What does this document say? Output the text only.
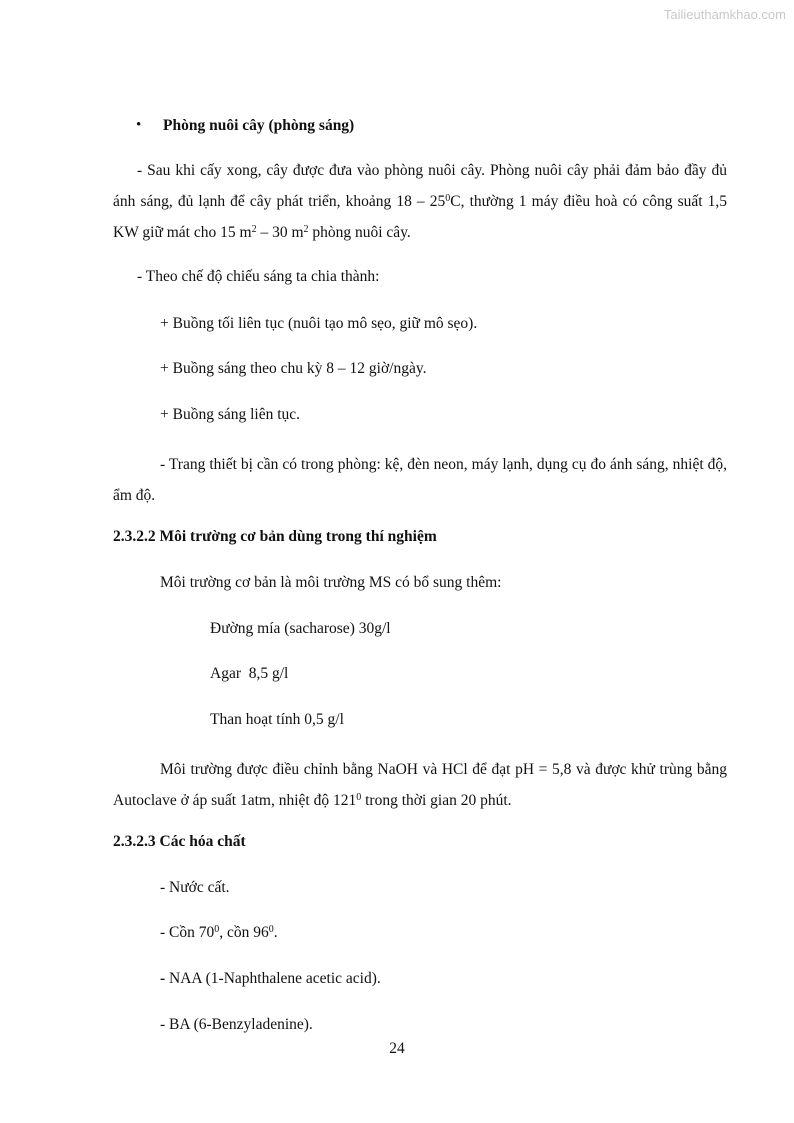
Tailieuthamkhao.com
• Phòng nuôi cây (phòng sáng)
- Sau khi cấy xong, cây được đưa vào phòng nuôi cây. Phòng nuôi cây phải đảm bảo đầy đủ ánh sáng, đủ lạnh để cây phát triển, khoảng $18 - 25^0C$, thường 1 máy điều hoà có công suất 1,5 KW giữ mát cho 15 $m^2 - 30$ $m^2$ phòng nuôi cây.
- Theo chế độ chiếu sáng ta chia thành:
+ Buồng tối liên tục (nuôi tạo mô sẹo, giữ mô sẹo).
+ Buồng sáng theo chu kỳ 8 – 12 giờ/ngày.
+ Buồng sáng liên tục.
- Trang thiết bị cần có trong phòng: kệ, đèn neon, máy lạnh, dụng cụ đo ánh sáng, nhiệt độ, ẩm độ.
2.3.2.2 Môi trường cơ bản dùng trong thí nghiệm
Môi trường cơ bản là môi trường MS có bổ sung thêm:
Đường mía (sacharose) 30g/l
Agar  8,5 g/l
Than hoạt tính 0,5 g/l
Môi trường được điều chỉnh bằng NaOH và HCl để đạt pH = 5,8 và được khử trùng bằng Autoclave ở áp suất 1atm, nhiệt độ $121^0$ trong thời gian 20 phút.
2.3.2.3 Các hóa chất
- Nước cất.
- Cồn $70^0$, cồn $96^0$.
- NAA (1-Naphthalene acetic acid).
- BA (6-Benzyladenine).
24
